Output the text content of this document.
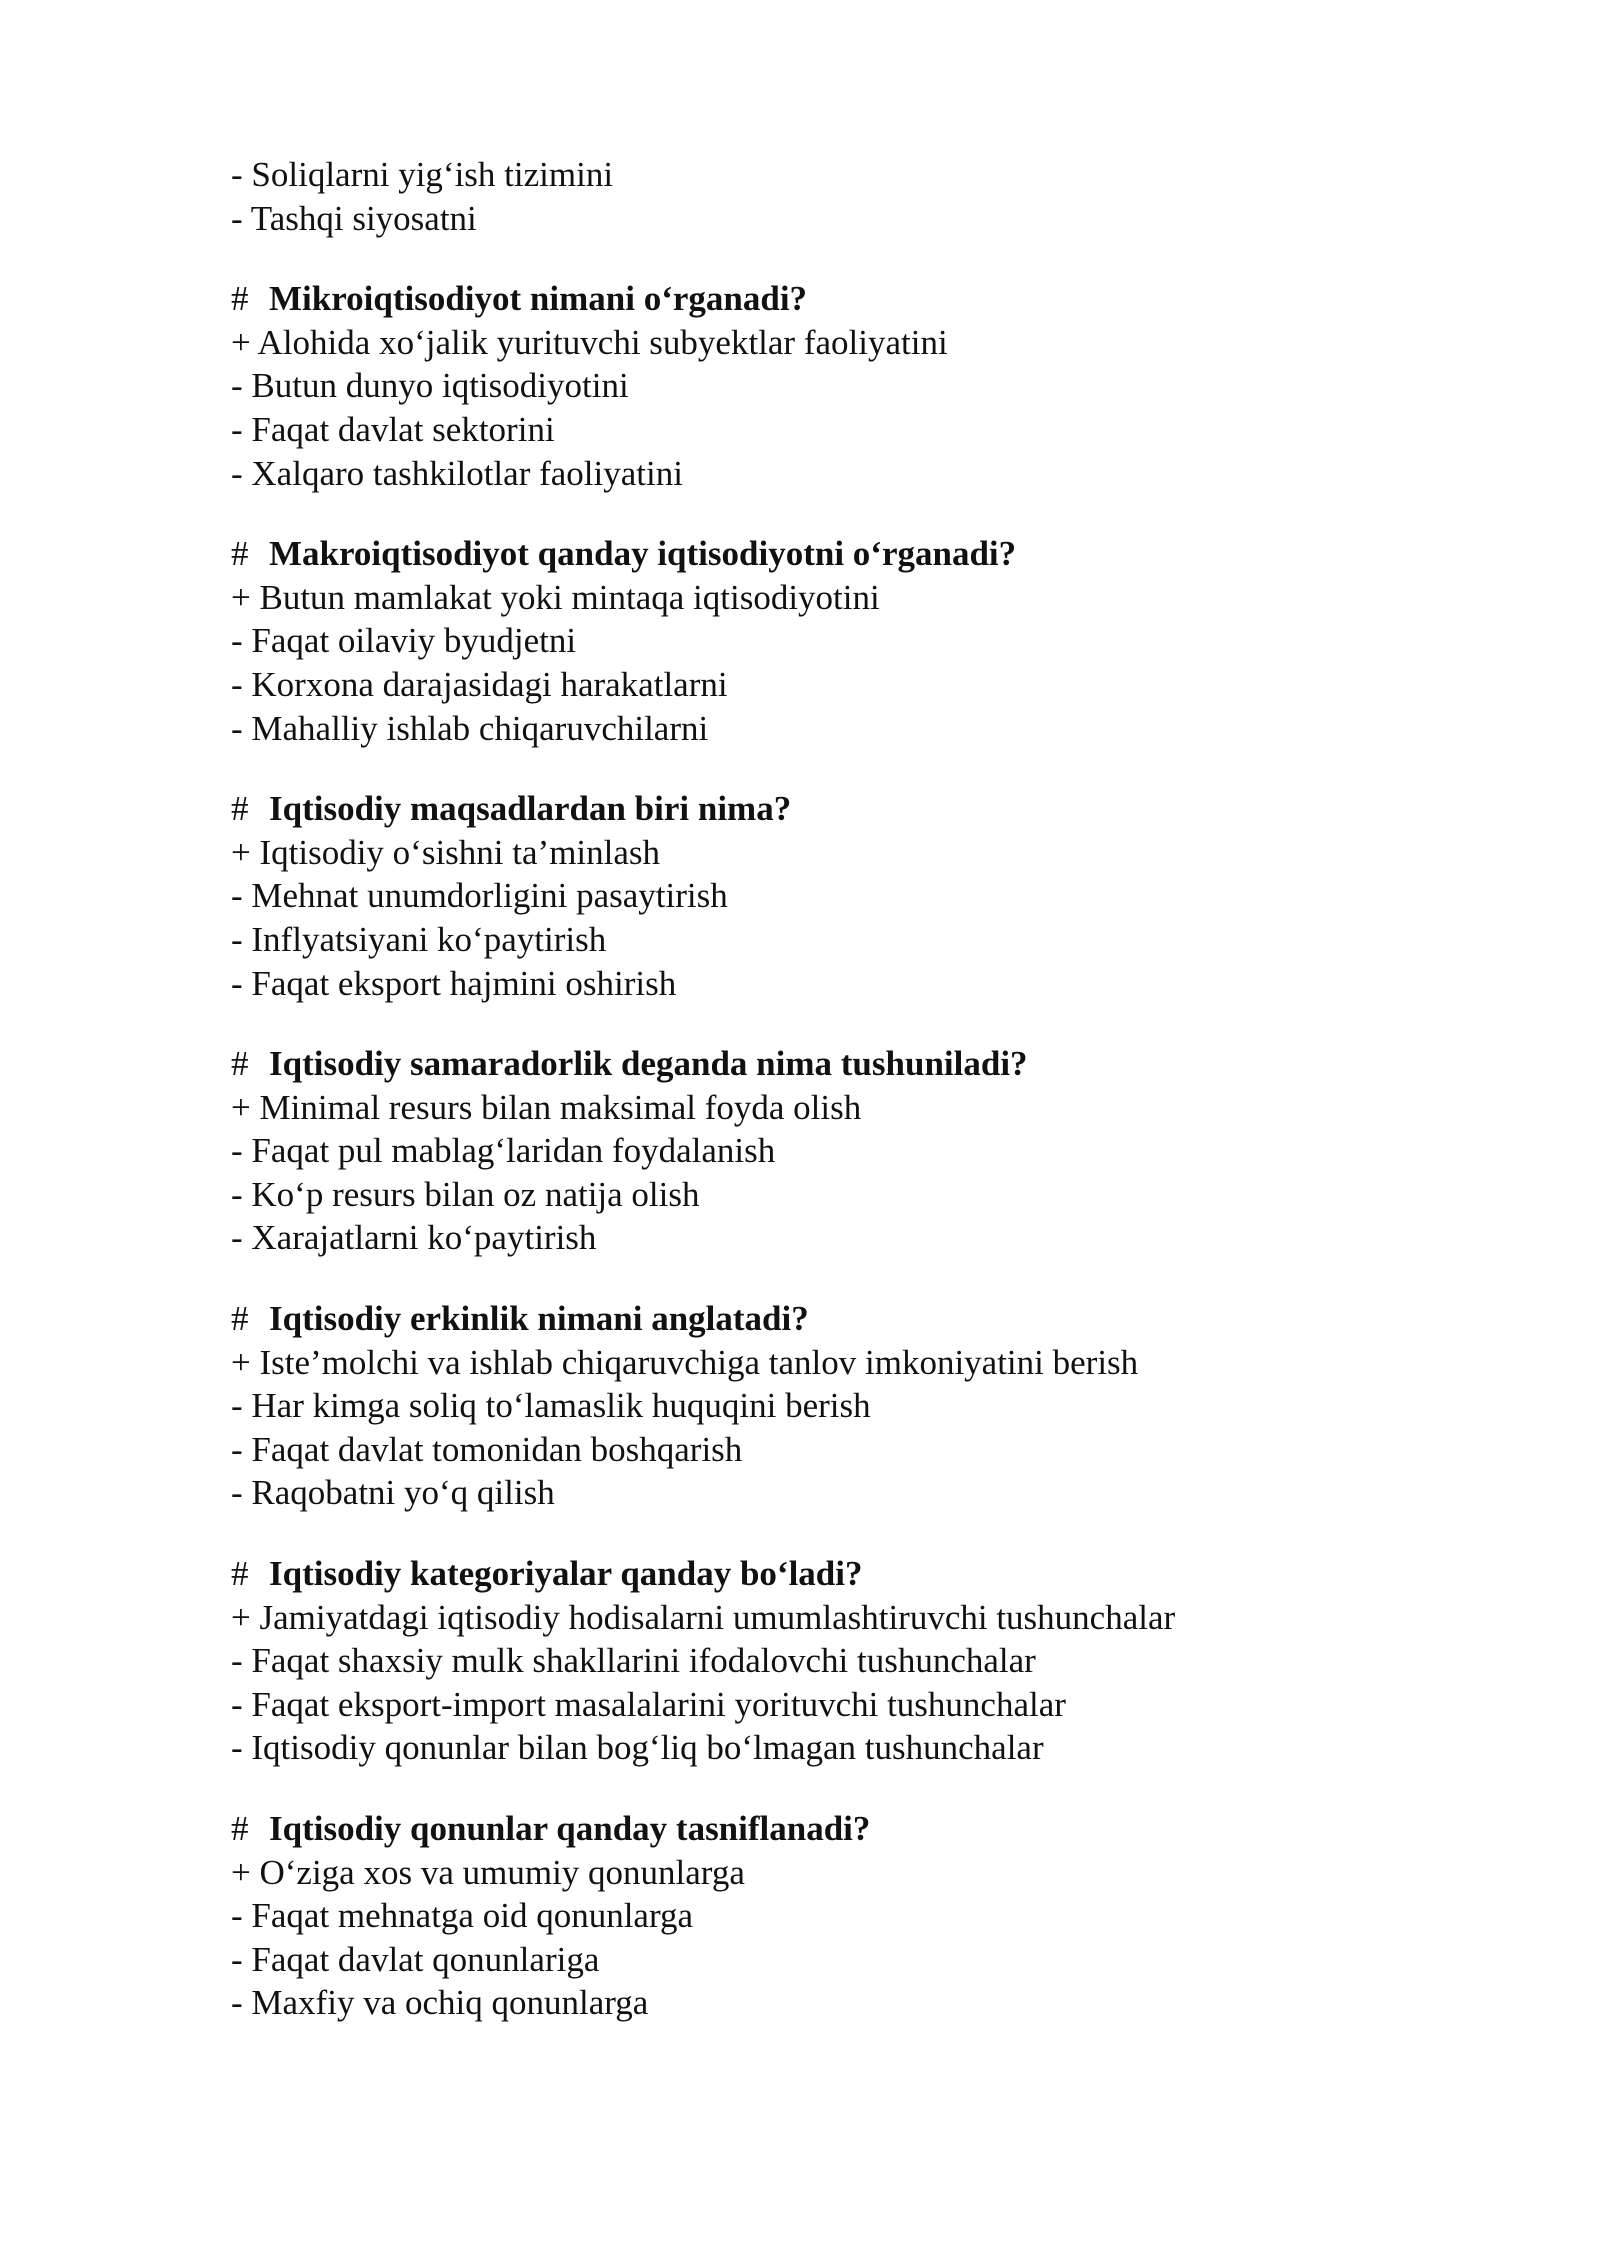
- Soliqlarni yig‘ish tizimini
- Tashqi siyosatni
# Mikroiqtisodiyot nimani o‘rganadi?
+ Alohida xo‘jalik yurituvchi subyektlar faoliyatini
- Butun dunyo iqtisodiyotini
- Faqat davlat sektorini
- Xalqaro tashkilotlar faoliyatini
# Makroiqtisodiyot qanday iqtisodiyotni o‘rganadi?
+ Butun mamlakat yoki mintaqa iqtisodiyotini
- Faqat oilaviy byudjetni
- Korxona darajasidagi harakatlarni
- Mahalliy ishlab chiqaruvchilarni
# Iqtisodiy maqsadlardan biri nima?
+ Iqtisodiy o‘sishni ta’minlash
- Mehnat unumdorligini pasaytirish
- Inflyatsiyani ko‘paytirish
- Faqat eksport hajmini oshirish
# Iqtisodiy samaradorlik deganda nima tushuniladi?
+ Minimal resurs bilan maksimal foyda olish
- Faqat pul mablag‘laridan foydalanish
- Ko‘p resurs bilan oz natija olish
- Xarajatlarni ko‘paytirish
# Iqtisodiy erkinlik nimani anglatadi?
+ Iste’molchi va ishlab chiqaruvchiga tanlov imkoniyatini berish
- Har kimga soliq to‘lamaslik huquqini berish
- Faqat davlat tomonidan boshqarish
- Raqobatni yo‘q qilish
# Iqtisodiy kategoriyalar qanday bo‘ladi?
+ Jamiyatdagi iqtisodiy hodisalarni umumlashtiruvchi tushunchalar
- Faqat shaxsiy mulk shakllarini ifodalovchi tushunchalar
- Faqat eksport-import masalalarini yorituvchi tushunchalar
- Iqtisodiy qonunlar bilan bog‘liq bo‘lmagan tushunchalar
# Iqtisodiy qonunlar qanday tasniflanadi?
+ O‘ziga xos va umumiy qonunlarga
- Faqat mehnatga oid qonunlarga
- Faqat davlat qonunlariga
- Maxfiy va ochiq qonunlarga
